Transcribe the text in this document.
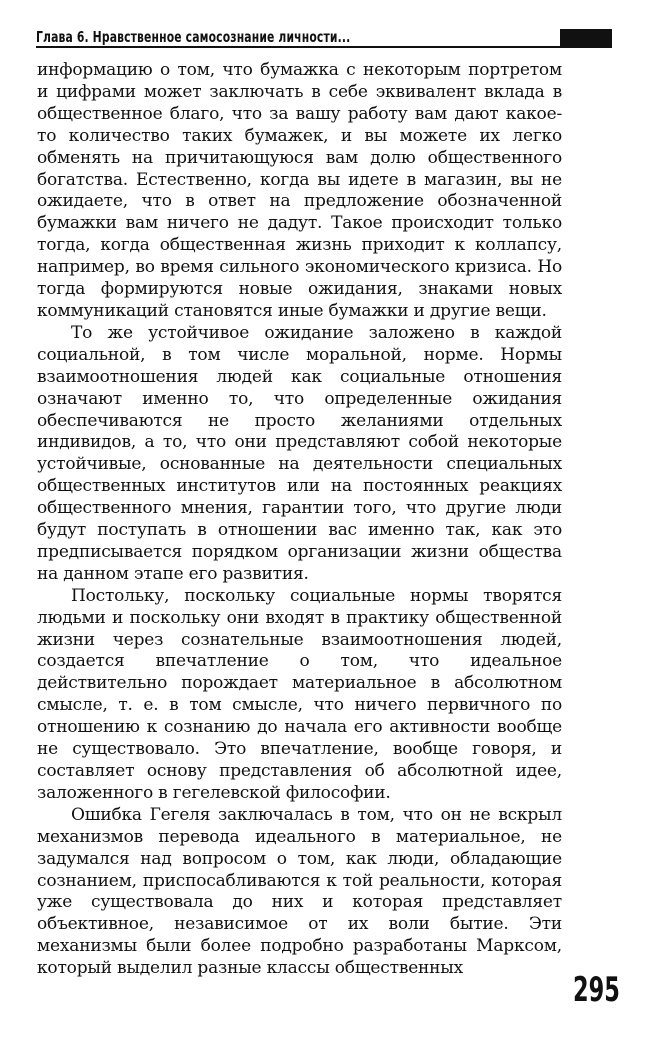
Глава 6. Нравственное самосознание личности...

информацию о том, что бумажка с некоторым портретом и цифрами может заключать в себе эквивалент вклада в общественное благо, что за вашу работу вам дают какое-то количество таких бумажек, и вы можете их легко обменять на причитающуюся вам долю общественного богатства. Естественно, когда вы идете в магазин, вы не ожидаете, что в ответ на предложение обозначенной бумажки вам ничего не дадут. Такое происходит только тогда, когда общественная жизнь приходит к коллапсу, например, во время сильного экономического кризиса. Но тогда формируются новые ожидания, знаками новых коммуникаций становятся иные бумажки и другие вещи.

То же устойчивое ожидание заложено в каждой социальной, в том числе моральной, норме. Нормы взаимоотношения людей как социальные отношения означают именно то, что определенные ожидания обеспечиваются не просто желаниями отдельных индивидов, а то, что они представляют собой некоторые устойчивые, основанные на деятельности специальных общественных институтов или на постоянных реакциях общественного мнения, гарантии того, что другие люди будут поступать в отношении вас именно так, как это предписывается порядком организации жизни общества на данном этапе его развития.

Постольку, поскольку социальные нормы творятся людьми и поскольку они входят в практику общественной жизни через сознательные взаимоотношения людей, создается впечатление о том, что идеальное действительно порождает материальное в абсолютном смысле, т. е. в том смысле, что ничего первичного по отношению к сознанию до начала его активности вообще не существовало. Это впечатление, вообще говоря, и составляет основу представления об абсолютной идее, заложенного в гегелевской философии.

Ошибка Гегеля заключалась в том, что он не вскрыл механизмов перевода идеального в материальное, не задумался над вопросом о том, как люди, обладающие сознанием, приспосабливаются к той реальности, которая уже существовала до них и которая представляет объективное, независимое от их воли бытие. Эти механизмы были более подробно разработаны Марксом, который выделил разные классы общественных

295
